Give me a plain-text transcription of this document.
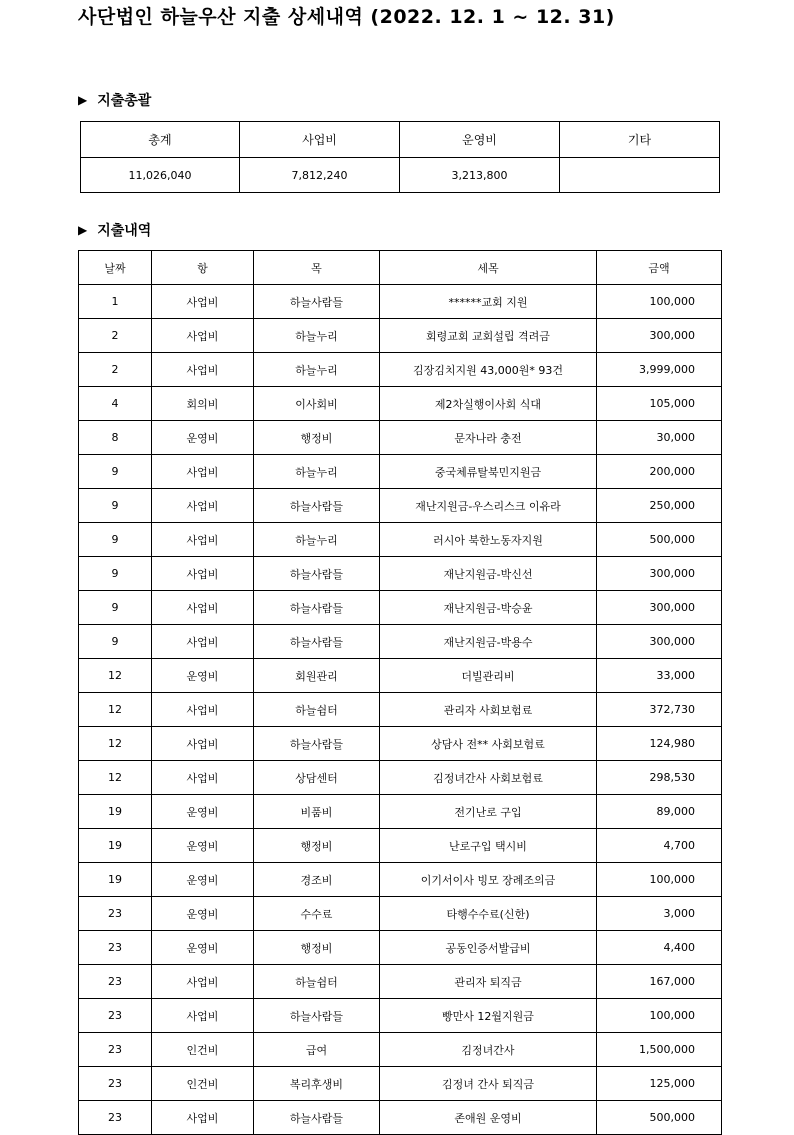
사단법인 하늘우산 지출 상세내역 (2022. 12. 1 ~ 12. 31)
▶ 지출총괄
총계	사업비	운영비	기타
11,026,040	7,812,240	3,213,800	
▶ 지출내역
날짜	항	목	세목	금액
1	사업비	하늘사람들	******교회 지원	100,000
2	사업비	하늘누리	회령교회 교회설립 격려금	300,000
2	사업비	하늘누리	김장김치지원 43,000원* 93건	3,999,000
4	회의비	이사회비	제2차실행이사회 식대	105,000
8	운영비	행정비	문자나라 충전	30,000
9	사업비	하늘누리	중국체류탈북민지원금	200,000
9	사업비	하늘사람들	재난지원금-우스리스크 이유라	250,000
9	사업비	하늘누리	러시아 북한노동자지원	500,000
9	사업비	하늘사람들	재난지원금-박신선	300,000
9	사업비	하늘사람들	재난지원금-박승윤	300,000
9	사업비	하늘사람들	재난지원금-박용수	300,000
12	운영비	회원관리	더빌관리비	33,000
12	사업비	하늘쉼터	관리자 사회보험료	372,730
12	사업비	하늘사람들	상담사 전** 사회보험료	124,980
12	사업비	상담센터	김정녀간사 사회보험료	298,530
19	운영비	비품비	전기난로 구입	89,000
19	운영비	행정비	난로구입 택시비	4,700
19	운영비	경조비	이기서이사 빙모 장례조의금	100,000
23	운영비	수수료	타행수수료(신한)	3,000
23	운영비	행정비	공동인증서발급비	4,400
23	사업비	하늘쉼터	관리자 퇴직금	167,000
23	사업비	하늘사람들	빵만사 12월지원금	100,000
23	인건비	급여	김정녀간사	1,500,000
23	인건비	복리후생비	김정녀 간사 퇴직금	125,000
23	사업비	하늘사람들	존애원 운영비	500,000
